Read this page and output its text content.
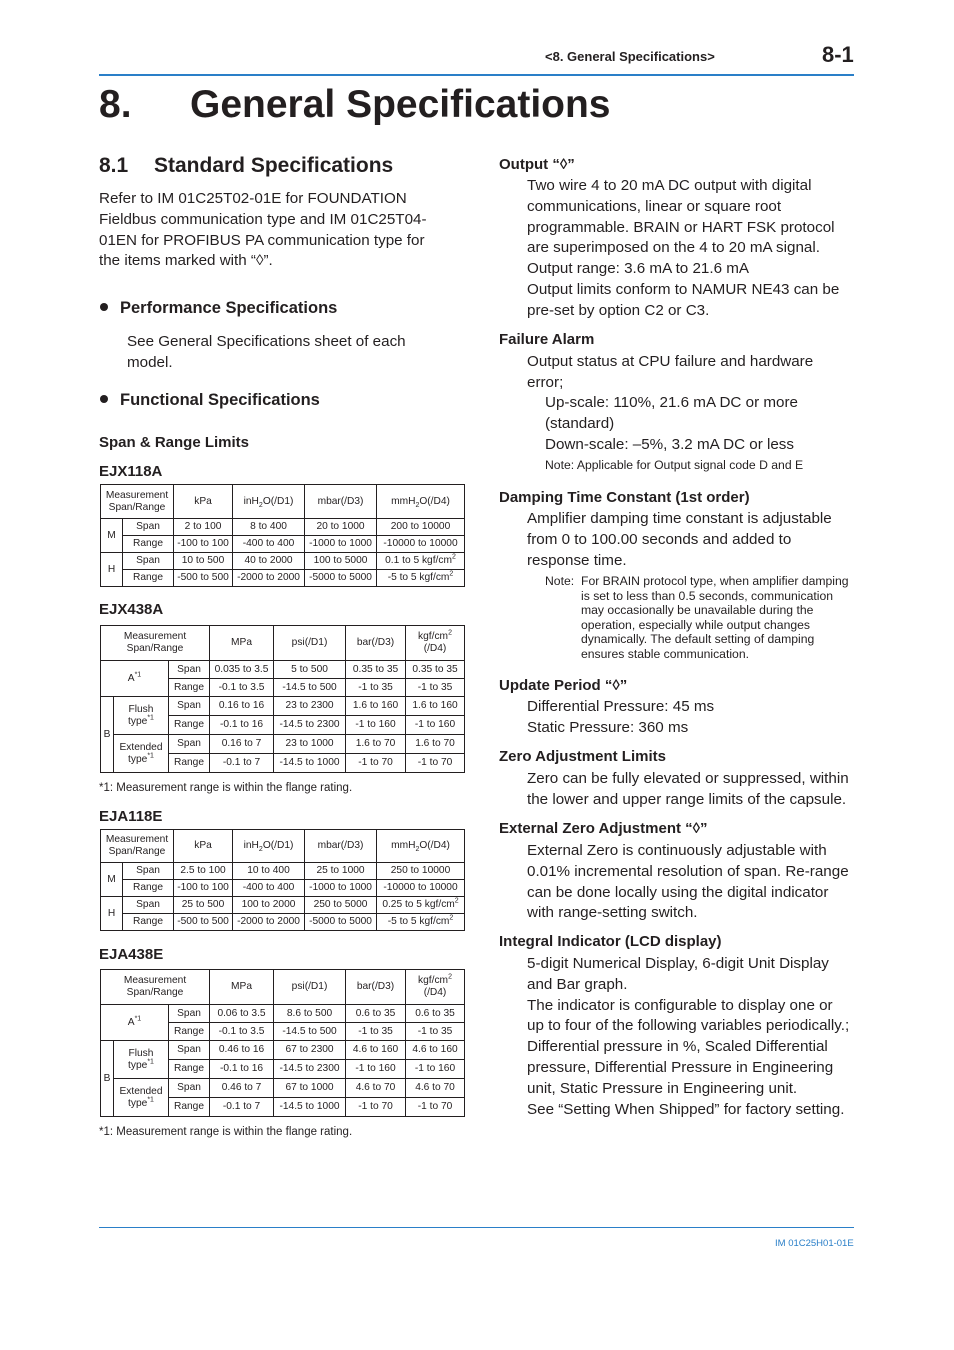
<8. General Specifications>	8-1
8. General Specifications
8.1 Standard Specifications
Refer to IM 01C25T02-01E for FOUNDATION
Fieldbus communication type and IM 01C25T04-
01EN for PROFIBUS PA communication type for
the items marked with “◊”.
Performance Specifications
See General Specifications sheet of each
model.
Functional Specifications
Span & Range Limits
EJX118A
Measurement
Span/Range		kPa	inH$_2$O(/D1)	mbar(/D3)	mmH$_2$O(/D4)
M	Span	2 to 100	8 to 400	20 to 1000	200 to 10000
	Range	-100 to 100	-400 to 400	-1000 to 1000	-10000 to 10000
H	Span	10 to 500	40 to 2000	100 to 5000	0.1 to 5 kgf/$cm^2$
	Range	-500 to 500	-2000 to 2000	-5000 to 5000	-5 to 5 kgf/$cm^2$
EJX438A
Measurement
Span/Range			MPa	psi(/D1)	bar(/D3)	kgf/$cm^2$
(/D4)
$A^{*1}$		Span	0.035 to 3.5	5 to 500	0.35 to 35	0.35 to 35
		Range	-0.1 to 3.5	-14.5 to 500	-1 to 35	-1 to 35
B	Flush
type$^{*1}$	Span	0.16 to 16	23 to 2300	1.6 to 160	1.6 to 160
		Range	-0.1 to 16	-14.5 to 2300	-1 to 160	-1 to 160
	Extended
type$^{*1}$	Span	0.16 to 7	23 to 1000	1.6 to 70	1.6 to 70
		Range	-0.1 to 7	-14.5 to 1000	-1 to 70	-1 to 70
*1: Measurement range is within the flange rating.
EJA118E
Measurement
Span/Range		kPa	inH$_2$O(/D1)	mbar(/D3)	mmH$_2$O(/D4)
M	Span	2.5 to 100	10 to 400	25 to 1000	250 to 10000
	Range	-100 to 100	-400 to 400	-1000 to 1000	-10000 to 10000
H	Span	25 to 500	100 to 2000	250 to 5000	0.25 to 5 kgf/$cm^2$
	Range	-500 to 500	-2000 to 2000	-5000 to 5000	-5 to 5 kgf/$cm^2$
EJA438E
Measurement
Span/Range			MPa	psi(/D1)	bar(/D3)	kgf/$cm^2$
(/D4)
$A^{*1}$		Span	0.06 to 3.5	8.6 to 500	0.6 to 35	0.6 to 35
		Range	-0.1 to 3.5	-14.5 to 500	-1 to 35	-1 to 35
B	Flush
type$^{*1}$	Span	0.46 to 16	67 to 2300	4.6 to 160	4.6 to 160
		Range	-0.1 to 16	-14.5 to 2300	-1 to 160	-1 to 160
	Extended
type$^{*1}$	Span	0.46 to 7	67 to 1000	4.6 to 70	4.6 to 70
		Range	-0.1 to 7	-14.5 to 1000	-1 to 70	-1 to 70
*1: Measurement range is within the flange rating.
Output “◊”
Two wire 4 to 20 mA DC output with digital
communications, linear or square root
programmable. BRAIN or HART FSK protocol
are superimposed on the 4 to 20 mA signal.
Output range: 3.6 mA to 21.6 mA
Output limits conform to NAMUR NE43 can be
pre-set by option C2 or C3.
Failure Alarm
Output status at CPU failure and hardware
error;
Up-scale: 110%, 21.6 mA DC or more
(standard)
Down-scale: –5%, 3.2 mA DC or less
Note: Applicable for Output signal code D and E
Damping Time Constant (1st order)
Amplifier damping time constant is adjustable
from 0 to 100.00 seconds and added to
response time.
Note: For BRAIN protocol type, when amplifier damping
is set to less than 0.5 seconds, communication
may occasionally be unavailable during the
operation, especially while output changes
dynamically. The default setting of damping
ensures stable communication.
Update Period “◊”
Differential Pressure: 45 ms
Static Pressure: 360 ms
Zero Adjustment Limits
Zero can be fully elevated or suppressed, within
the lower and upper range limits of the capsule.
External Zero Adjustment “◊”
External Zero is continuously adjustable with
0.01% incremental resolution of span. Re-range
can be done locally using the digital indicator
with range-setting switch.
Integral Indicator (LCD display)
5-digit Numerical Display, 6-digit Unit Display
and Bar graph.
The indicator is configurable to display one or
up to four of the following variables periodically.;
Differential pressure in %, Scaled Differential
pressure, Differential Pressure in Engineering
unit, Static Pressure in Engineering unit.
See “Setting When Shipped” for factory setting.
IM 01C25H01-01E
